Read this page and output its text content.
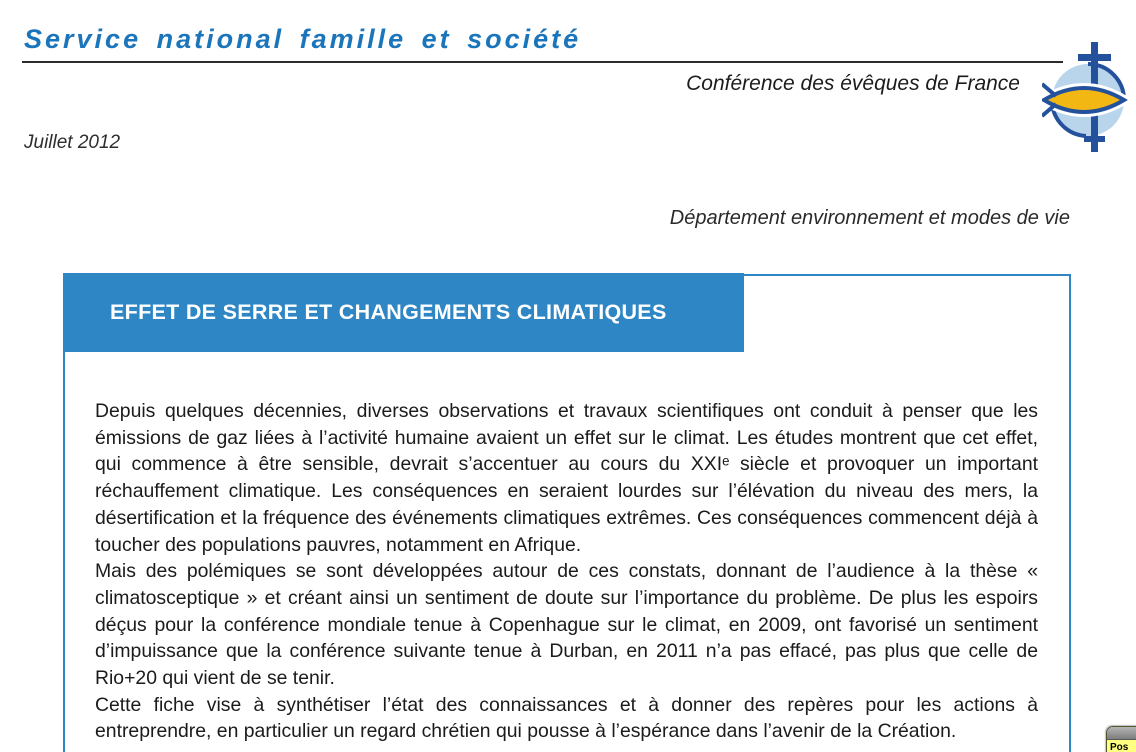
Service national famille et société
Conférence des évêques de France
Juillet 2012
Département environnement et modes de vie
EFFET DE SERRE ET CHANGEMENTS CLIMATIQUES

Depuis quelques décennies, diverses observations et travaux scientifiques ont conduit à penser que les émissions de gaz liées à l’activité humaine avaient un effet sur le climat. Les études montrent que cet effet, qui commence à être sensible, devrait s’accentuer au cours du XXIᵉ siècle et provoquer un important réchauffement climatique. Les conséquences en seraient lourdes sur l’élévation du niveau des mers, la désertification et la fréquence des événements climatiques extrêmes. Ces conséquences commencent déjà à toucher des populations pauvres, notamment en Afrique.

Mais des polémiques se sont développées autour de ces constats, donnant de l’audience à la thèse « climatosceptique » et créant ainsi un sentiment de doute sur l’importance du problème. De plus les espoirs déçus pour la conférence mondiale tenue à Copenhague sur le climat, en 2009, ont favorisé un sentiment d’impuissance que la conférence suivante tenue à Durban, en 2011 n’a pas effacé, pas plus que celle de Rio+20 qui vient de se tenir.

Cette fiche vise à synthétiser l’état des connaissances et à donner des repères pour les actions à entreprendre, en particulier un regard chrétien qui pousse à l’espérance dans l’avenir de la Création.

Pos
